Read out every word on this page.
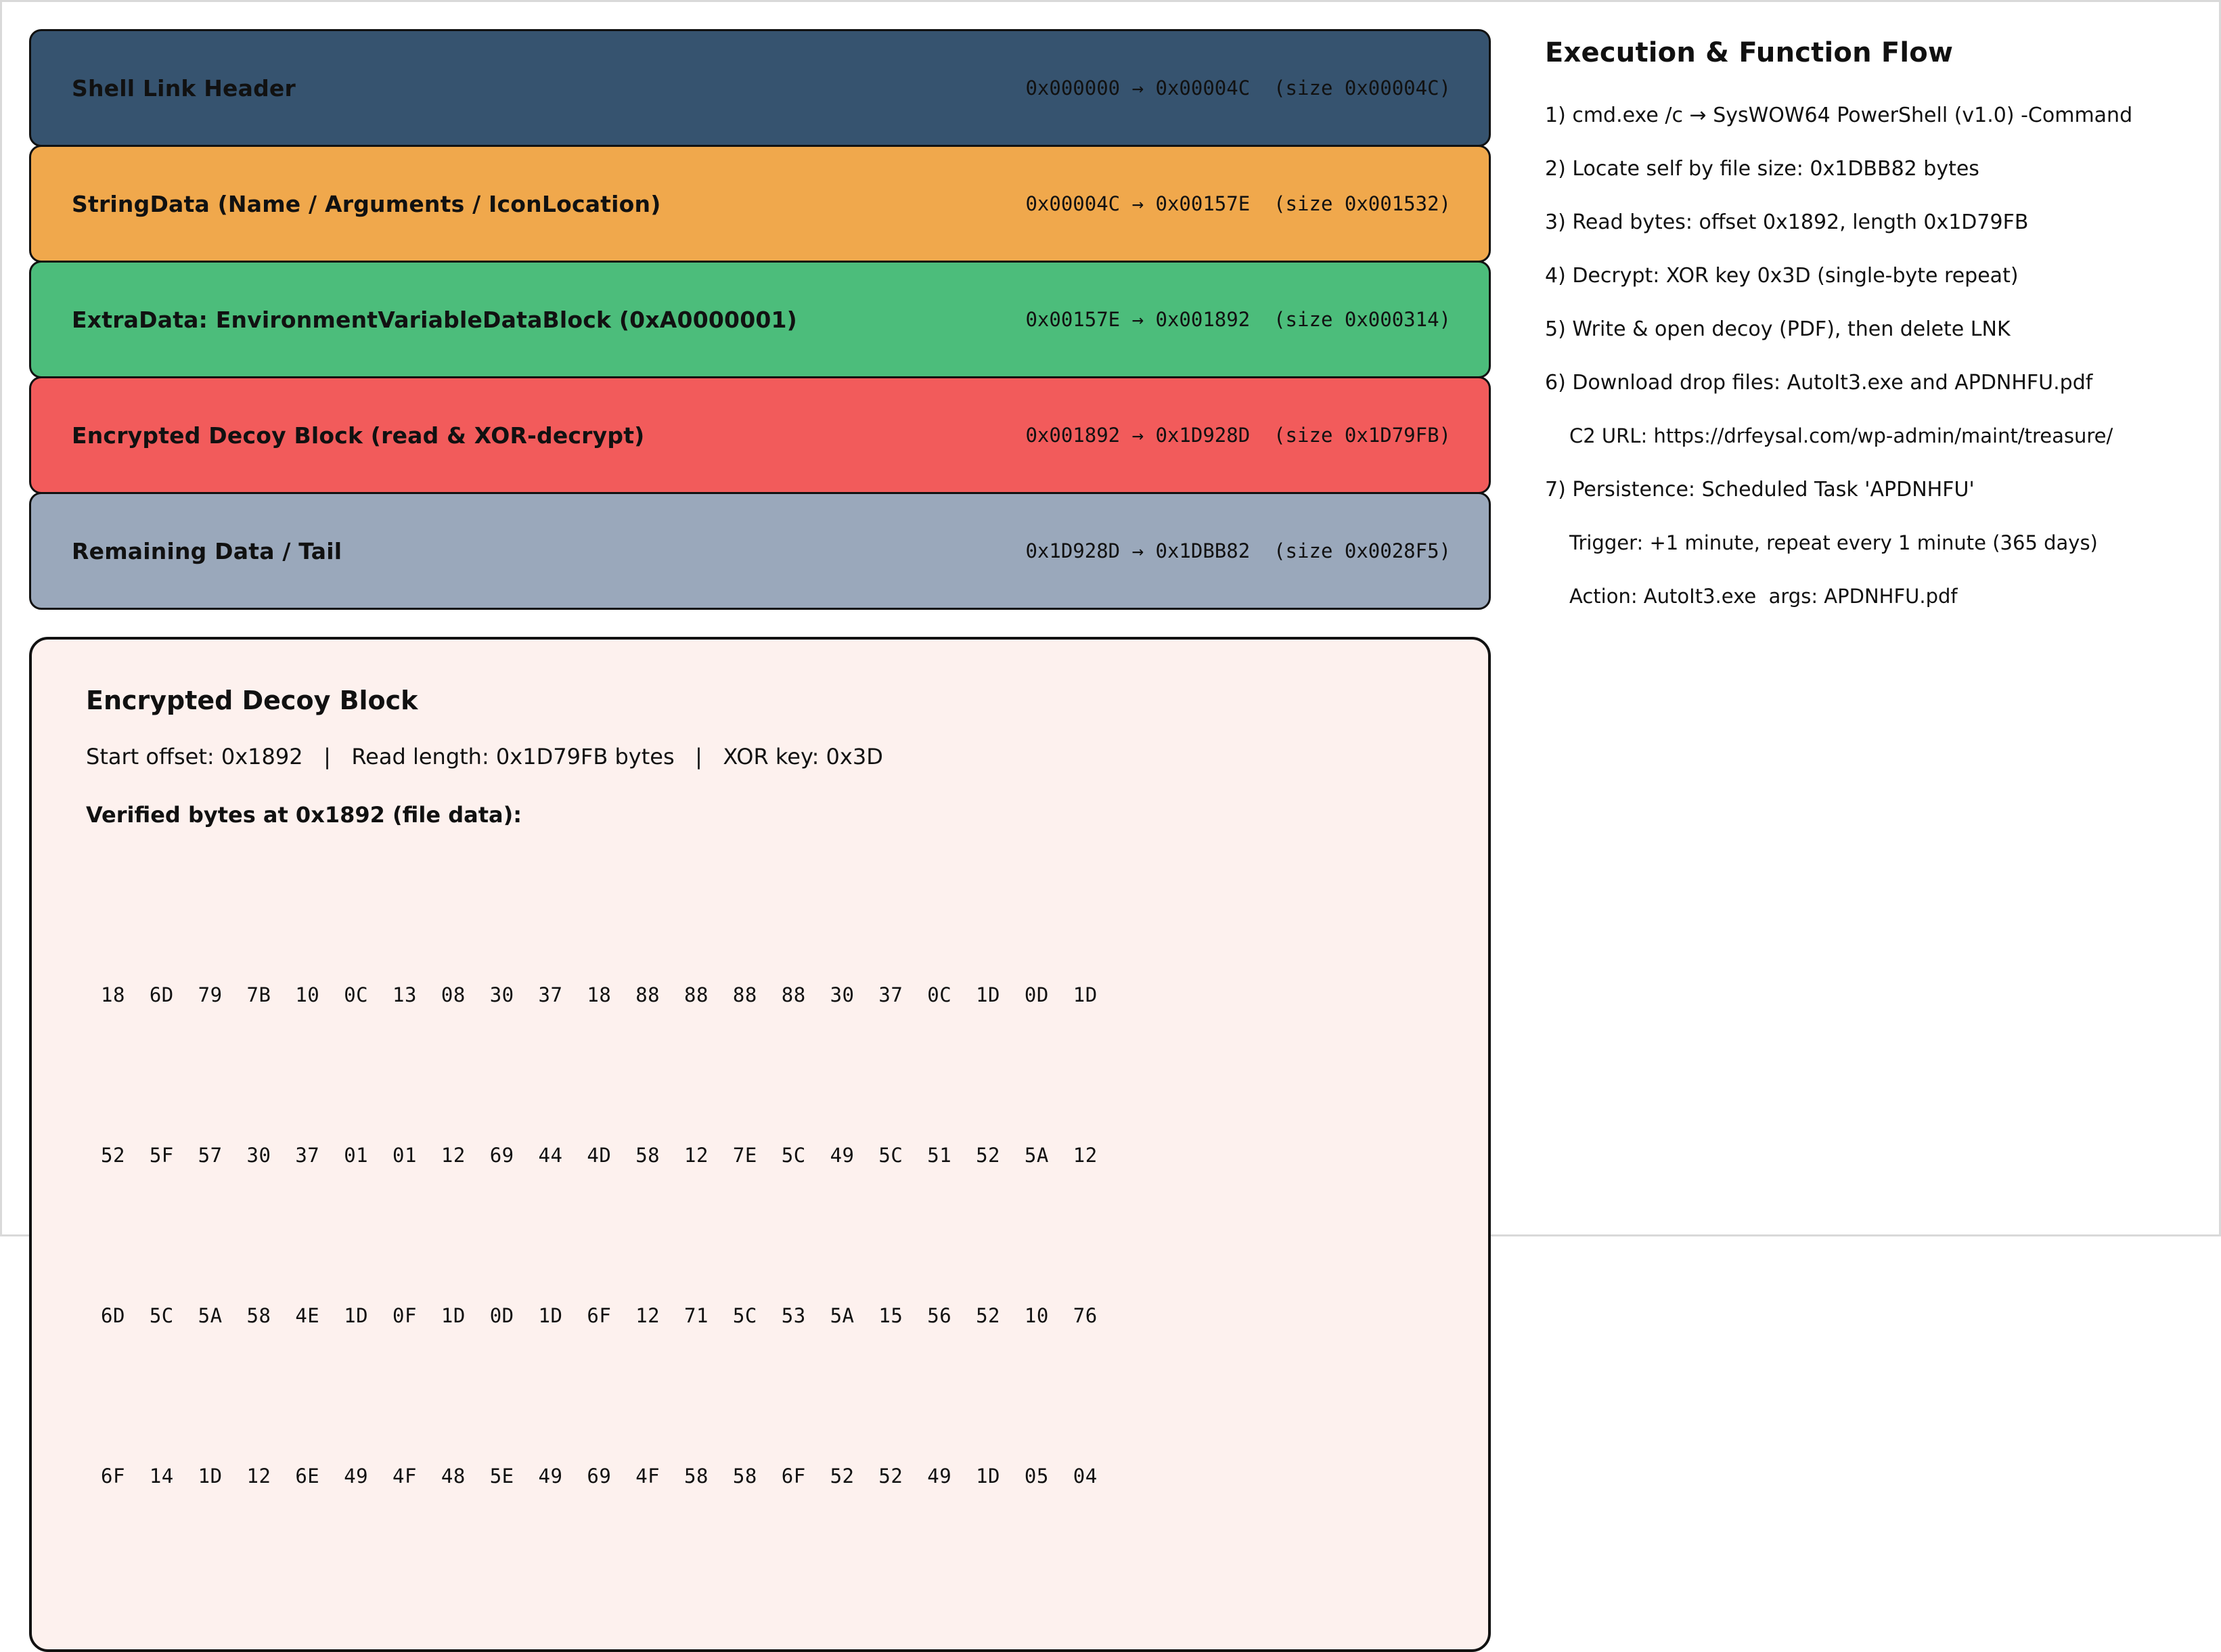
Shell Link Header	0x000000 → 0x00004C  (size 0x00004C)
StringData (Name / Arguments / IconLocation)	0x00004C → 0x00157E  (size 0x001532)
ExtraData: EnvironmentVariableDataBlock (0xA0000001)	0x00157E → 0x001892  (size 0x000314)
Encrypted Decoy Block (read & XOR-decrypt)	0x001892 → 0x1D928D  (size 0x1D79FB)
Remaining Data / Tail	0x1D928D → 0x1DBB82  (size 0x0028F5)
Encrypted Decoy Block
Start offset: 0x1892   |   Read length: 0x1D79FB bytes   |   XOR key: 0x3D
Verified bytes at 0x1892 (file data):

18  6D  79  7B  10  0C  13  08  30  37  18  88  88  88  88  30  37  0C  1D  0D  1D

52  5F  57  30  37  01  01  12  69  44  4D  58  12  7E  5C  49  5C  51  52  5A  12

6D  5C  5A  58  4E  1D  0F  1D  0D  1D  6F  12  71  5C  53  5A  15  56  52  10  76

6F  14  1D  12  6E  49  4F  48  5E  49  69  4F  58  58  6F  52  52  49  1D  05  04

Execution & Function Flow
1) cmd.exe /c → SysWOW64 PowerShell (v1.0) -Command
2) Locate self by file size: 0x1DBB82 bytes
3) Read bytes: offset 0x1892, length 0x1D79FB
4) Decrypt: XOR key 0x3D (single-byte repeat)
5) Write & open decoy (PDF), then delete LNK
6) Download drop files: AutoIt3.exe and APDNHFU.pdf
C2 URL: https://drfeysal.com/wp-admin/maint/treasure/
7) Persistence: Scheduled Task 'APDNHFU'
Trigger: +1 minute, repeat every 1 minute (365 days)
Action: AutoIt3.exe  args: APDNHFU.pdf
